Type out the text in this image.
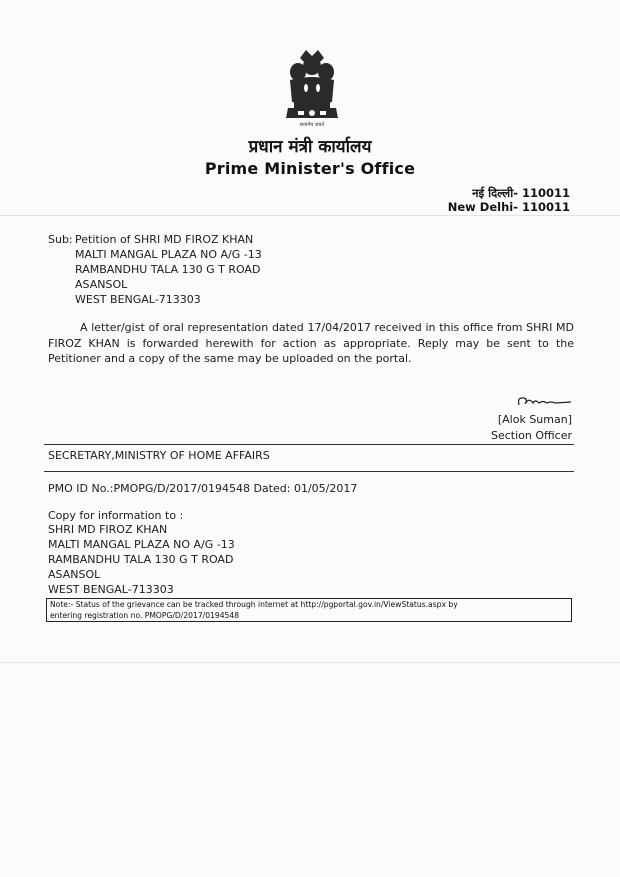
सत्यमेव जयते
प्रधान मंत्री कार्यालय
Prime Minister's Office
नई दिल्ली- 110011
New Delhi- 110011
Sub: Petition of SHRI MD FIROZ KHAN
MALTI MANGAL PLAZA NO A/G -13
RAMBANDHU TALA 130 G T ROAD
ASANSOL
WEST BENGAL-713303
A letter/gist of oral representation dated 17/04/2017 received in this office from SHRI MD FIROZ KHAN is forwarded herewith for action as appropriate. Reply may be sent to the Petitioner and a copy of the same may be uploaded on the portal.
[Alok Suman]
Section Officer
SECRETARY,MINISTRY OF HOME AFFAIRS
PMO ID No.:PMOPG/D/2017/0194548 Dated: 01/05/2017
Copy for information to :
SHRI MD FIROZ KHAN
MALTI MANGAL PLAZA NO A/G -13
RAMBANDHU TALA 130 G T ROAD
ASANSOL
WEST BENGAL-713303
Note:- Status of the grievance can be tracked through internet at http://pgportal.gov.in/ViewStatus.aspx by
entering registration no. PMOPG/D/2017/0194548
